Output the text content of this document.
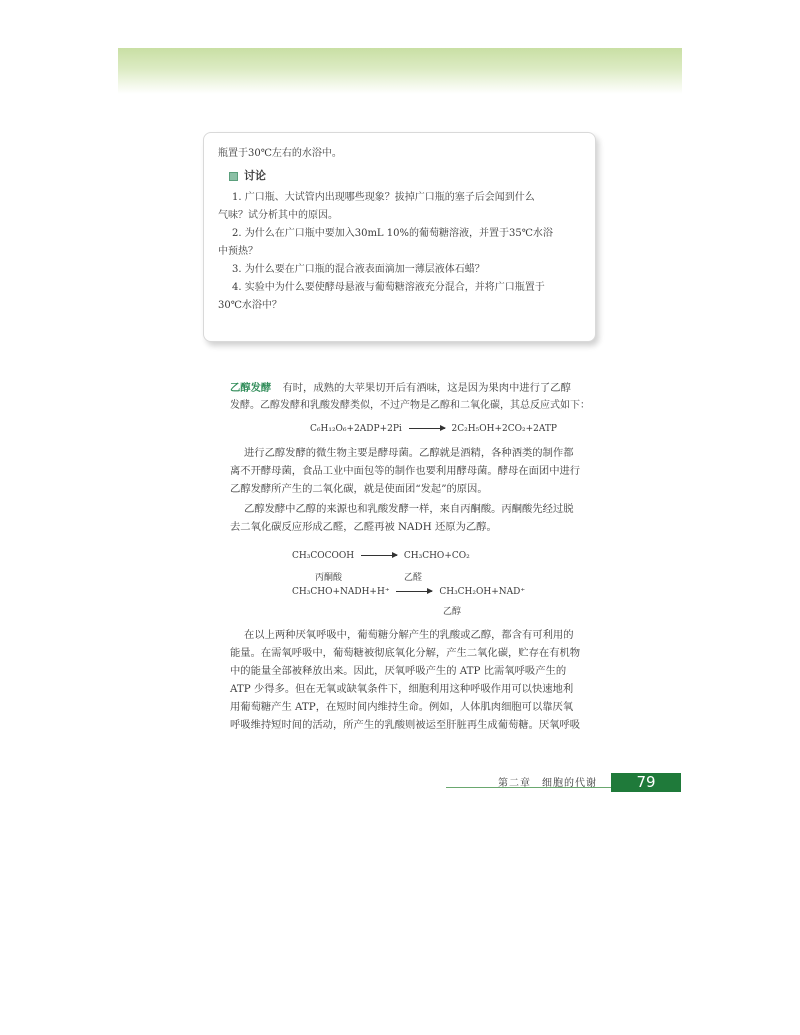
瓶置于30℃左右的水浴中。
讨论
1. 广口瓶、大试管内出现哪些现象？拔掉广口瓶的塞子后会闻到什么
气味？试分析其中的原因。
2. 为什么在广口瓶中要加入30mL 10%的葡萄糖溶液，并置于35℃水浴
中预热？
3. 为什么要在广口瓶的混合液表面滴加一薄层液体石蜡？
4. 实验中为什么要使酵母悬液与葡萄糖溶液充分混合，并将广口瓶置于
30℃水浴中？
乙醇发酵 有时，成熟的大苹果切开后有酒味，这是因为果肉中进行了乙醇
发酵。乙醇发酵和乳酸发酵类似，不过产物是乙醇和二氧化碳，其总反应式如下：
C₆H₁₂O₆+2ADP+2Pi → 2C₂H₅OH+2CO₂+2ATP
进行乙醇发酵的微生物主要是酵母菌。乙醇就是酒精，各种酒类的制作都
离不开酵母菌，食品工业中面包等的制作也要利用酵母菌。酵母在面团中进行
乙醇发酵所产生的二氧化碳，就是使面团“发起”的原因。
乙醇发酵中乙醇的来源也和乳酸发酵一样，来自丙酮酸。丙酮酸先经过脱
去二氧化碳反应形成乙醛，乙醛再被 NADH 还原为乙醇。
CH₃COCOOH → CH₃CHO+CO₂
丙酮酸	乙醛
CH₃CHO+NADH+H⁺ → CH₃CH₂OH+NAD⁺
乙醇
在以上两种厌氧呼吸中，葡萄糖分解产生的乳酸或乙醇，都含有可利用的
能量。在需氧呼吸中，葡萄糖被彻底氧化分解，产生二氧化碳，贮存在有机物
中的能量全部被释放出来。因此，厌氧呼吸产生的 ATP 比需氧呼吸产生的
ATP 少得多。但在无氧或缺氧条件下，细胞利用这种呼吸作用可以快速地利
用葡萄糖产生 ATP，在短时间内维持生命。例如，人体肌肉细胞可以靠厌氧
呼吸维持短时间的活动，所产生的乳酸则被运至肝脏再生成葡萄糖。厌氧呼吸
第二章　细胞的代谢	79
